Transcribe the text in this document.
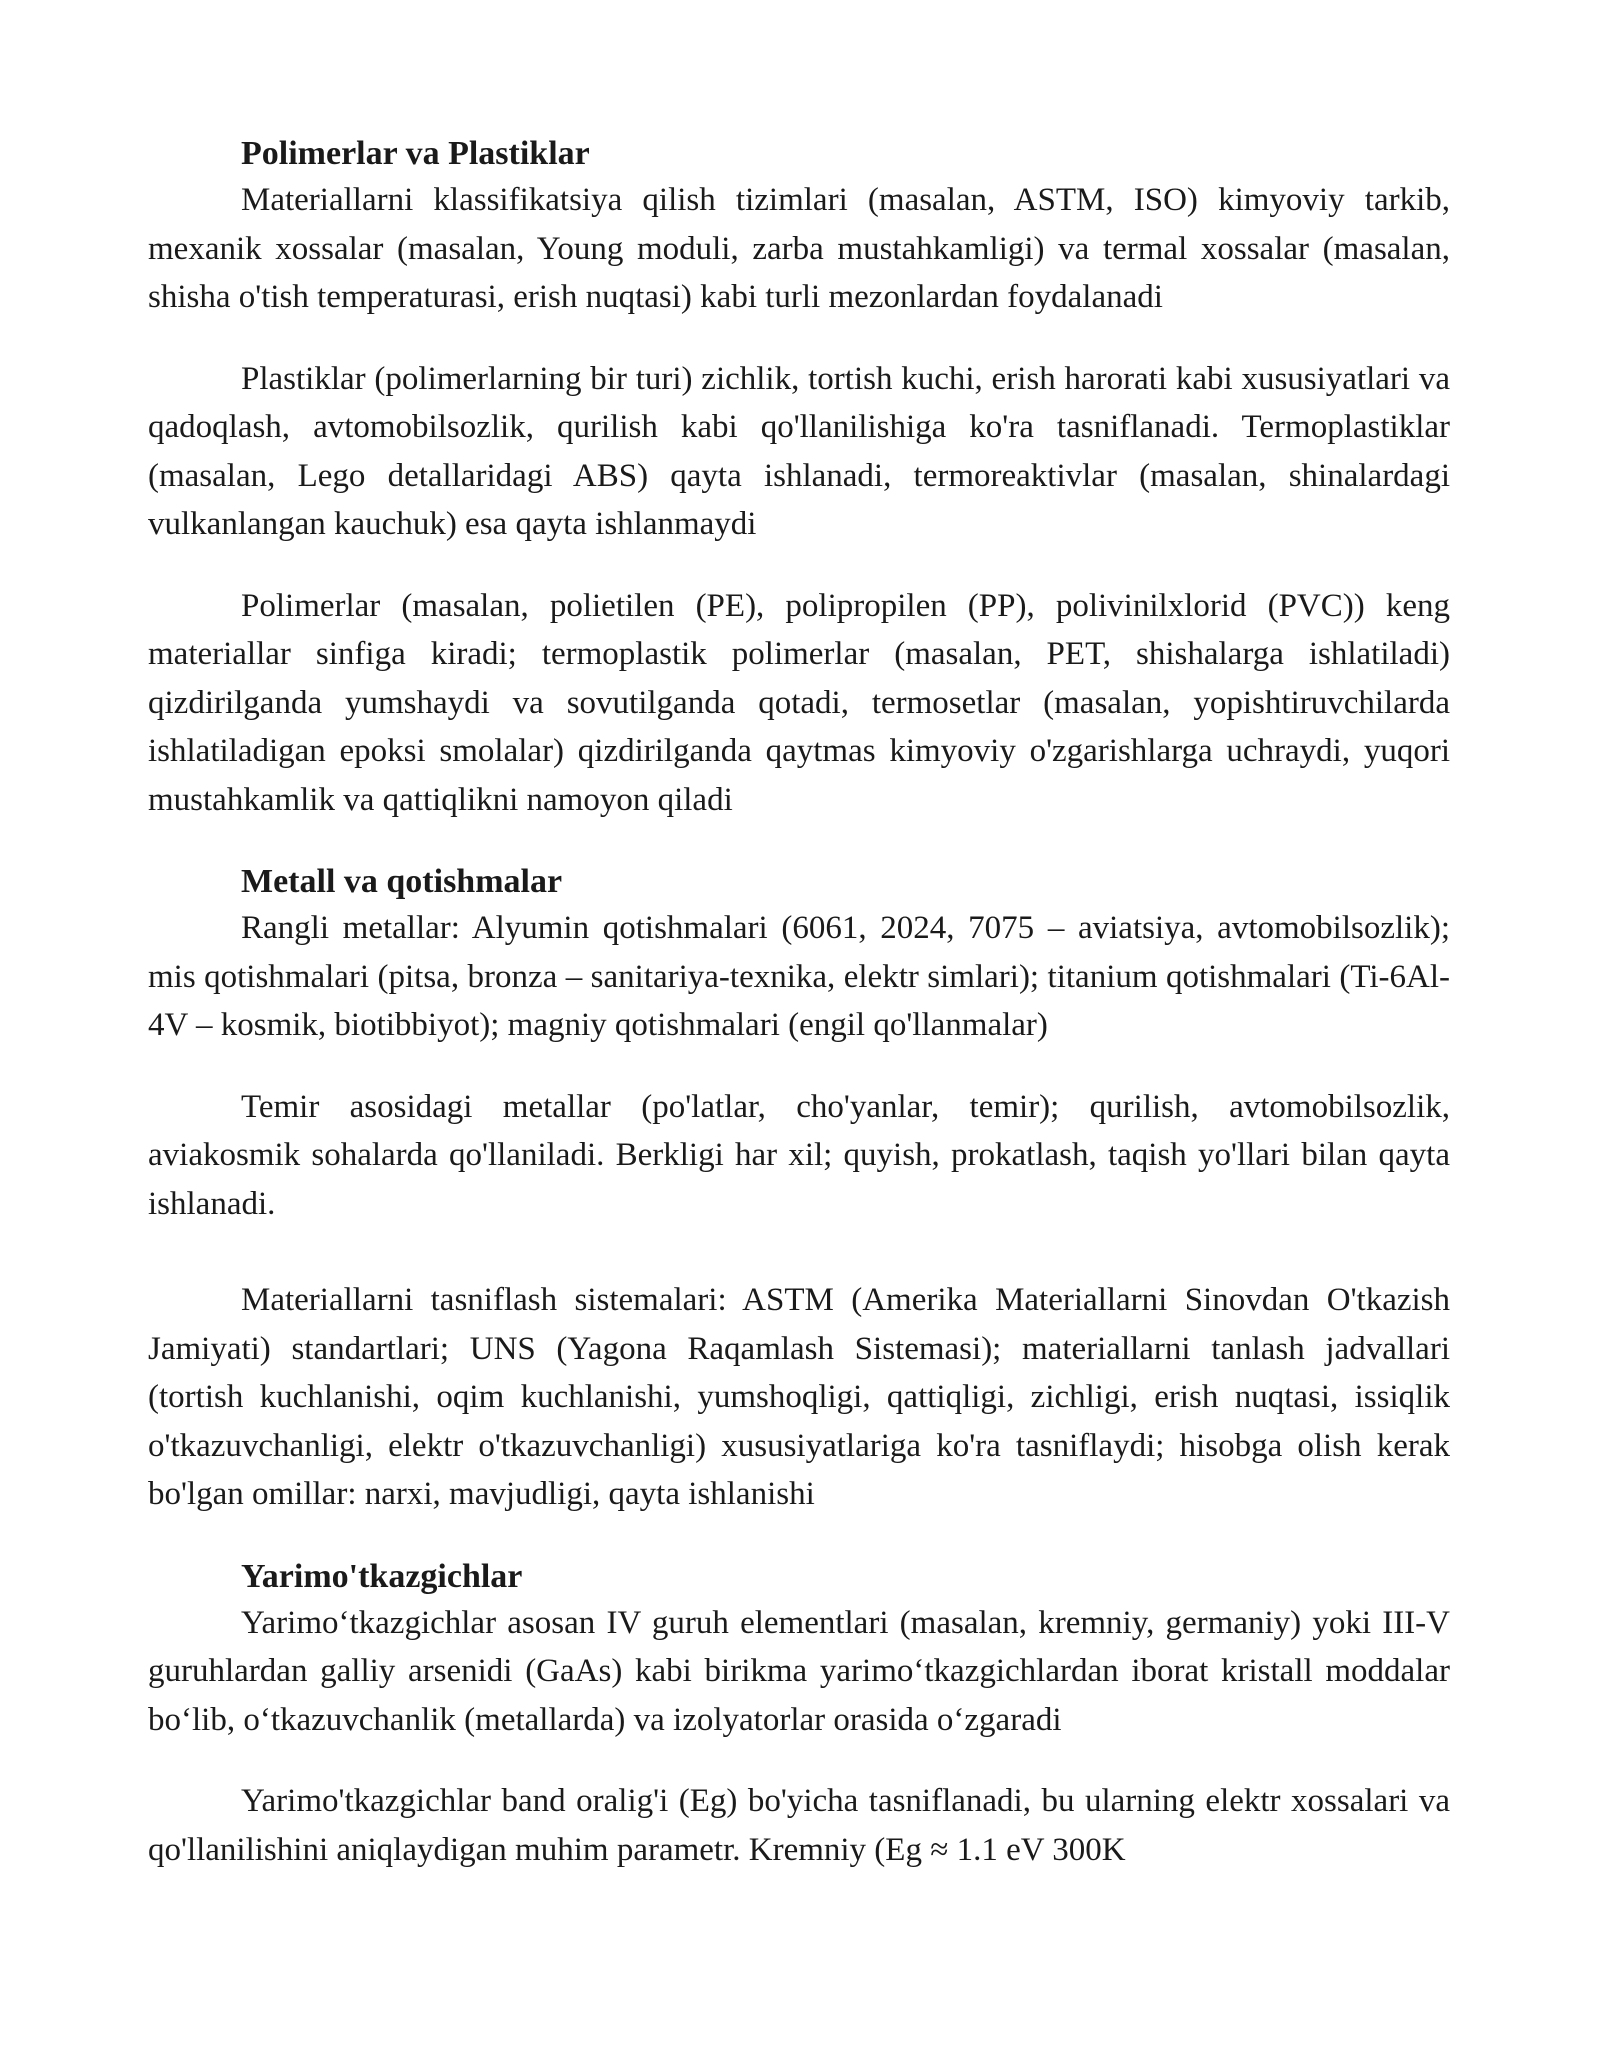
Polimerlar va Plastiklar

Materiallarni klassifikatsiya qilish tizimlari (masalan, ASTM, ISO) kimyoviy tarkib, mexanik xossalar (masalan, Young moduli, zarba mustahkamligi) va termal xossalar (masalan, shisha o'tish temperaturasi, erish nuqtasi) kabi turli mezonlardan foydalanadi

Plastiklar (polimerlarning bir turi) zichlik, tortish kuchi, erish harorati kabi xususiyatlari va qadoqlash, avtomobilsozlik, qurilish kabi qo'llanilishiga ko'ra tasniflanadi. Termoplastiklar (masalan, Lego detallaridagi ABS) qayta ishlanadi, termoreaktivlar (masalan, shinalardagi vulkanlangan kauchuk) esa qayta ishlanmaydi

Polimerlar (masalan, polietilen (PE), polipropilen (PP), polivinilxlorid (PVC)) keng materiallar sinfiga kiradi; termoplastik polimerlar (masalan, PET, shishalarga ishlatiladi) qizdirilganda yumshaydi va sovutilganda qotadi, termosetlar (masalan, yopishtiruvchilarda ishlatiladigan epoksi smolalar) qizdirilganda qaytmas kimyoviy o'zgarishlarga uchraydi, yuqori mustahkamlik va qattiqlikni namoyon qiladi

Metall va qotishmalar

Rangli metallar: Alyumin qotishmalari (6061, 2024, 7075 – aviatsiya, avtomobilsozlik); mis qotishmalari (pitsa, bronza – sanitariya-texnika, elektr simlari); titanium qotishmalari (Ti-6Al-4V – kosmik, biotibbiyot); magniy qotishmalari (engil qo'llanmalar)

Temir asosidagi metallar (po'latlar, cho'yanlar, temir); qurilish, avtomobilsozlik, aviakosmik sohalarda qo'llaniladi. Berkligi har xil; quyish, prokatlash, taqish yo'llari bilan qayta ishlanadi.

Materiallarni tasniflash sistemalari: ASTM (Amerika Materiallarni Sinovdan O'tkazish Jamiyati) standartlari; UNS (Yagona Raqamlash Sistemasi); materiallarni tanlash jadvallari (tortish kuchlanishi, oqim kuchlanishi, yumshoqligi, qattiqligi, zichligi, erish nuqtasi, issiqlik o'tkazuvchanligi, elektr o'tkazuvchanligi) xususiyatlariga ko'ra tasniflaydi; hisobga olish kerak bo'lgan omillar: narxi, mavjudligi, qayta ishlanishi

Yarimo'tkazgichlar

Yarimo‘tkazgichlar asosan IV guruh elementlari (masalan, kremniy, germaniy) yoki III-V guruhlardan galliy arsenidi (GaAs) kabi birikma yarimo‘tkazgichlardan iborat kristall moddalar bo‘lib, o‘tkazuvchanlik (metallarda) va izolyatorlar orasida o‘zgaradi

Yarimo'tkazgichlar band oralig'i (Eg) bo'yicha tasniflanadi, bu ularning elektr xossalari va qo'llanilishini aniqlaydigan muhim parametr. Kremniy (Eg ≈ 1.1 eV 300K
